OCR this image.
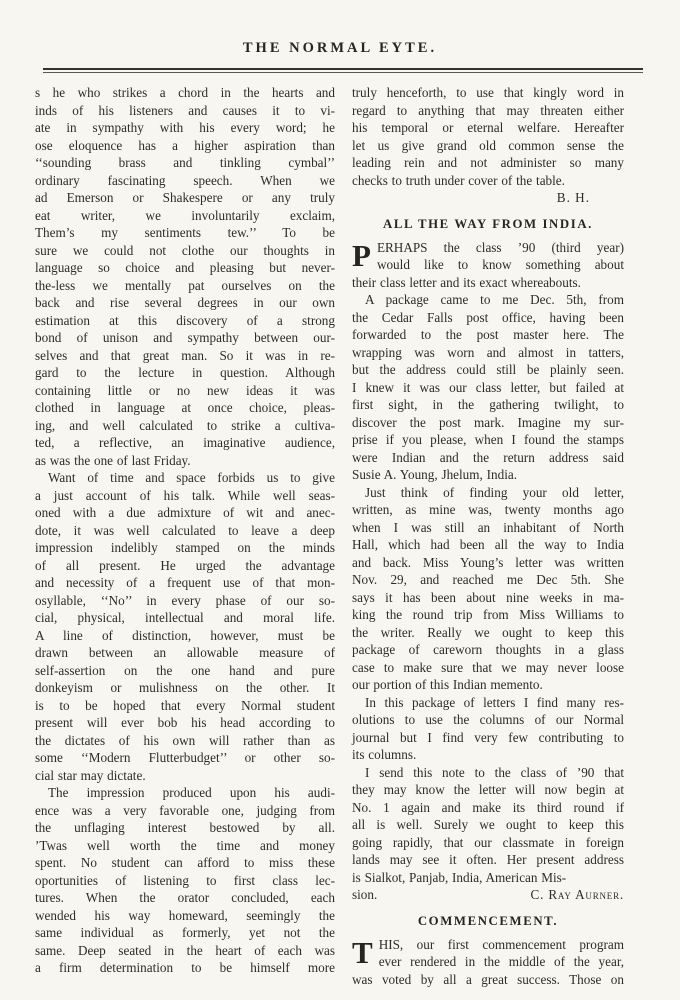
THE NORMAL EYTE.
s he who strikes a chord in the hearts and
inds of his listeners and causes it to vi-
ate in sympathy with his every word; he
ose eloquence has a higher aspiration than
‘‘sounding brass and tinkling cymbal’’
ordinary fascinating speech. When we
ad Emerson or Shakespere or any truly
eat writer, we involuntarily exclaim,
Them’s my sentiments tew.’’ To be
sure we could not clothe our thoughts in
language so choice and pleasing but never-
the-less we mentally pat ourselves on the
back and rise several degrees in our own
estimation at this discovery of a strong
bond of unison and sympathy between our-
selves and that great man. So it was in re-
gard to the lecture in question. Although
containing little or no new ideas it was
clothed in language at once choice, pleas-
ing, and well calculated to strike a cultiva-
ted, a reflective, an imaginative audience,
as was the one of last Friday.
Want of time and space forbids us to give
a just account of his talk. While well seas-
oned with a due admixture of wit and anec-
dote, it was well calculated to leave a deep
impression indelibly stamped on the minds
of all present. He urged the advantage
and necessity of a frequent use of that mon-
osyllable, ‘‘No’’ in every phase of our so-
cial, physical, intellectual and moral life.
A line of distinction, however, must be
drawn between an allowable measure of
self-assertion on the one hand and pure
donkeyism or mulishness on the other. It
is to be hoped that every Normal student
present will ever bob his head according to
the dictates of his own will rather than as
some ‘‘Modern Flutterbudget’’ or other so-
cial star may dictate.
The impression produced upon his audi-
ence was a very favorable one, judging from
the unflaging interest bestowed by all.
’Twas well worth the time and money
spent. No student can afford to miss these
oportunities of listening to first class lec-
tures. When the orator concluded, each
wended his way homeward, seemingly the
same individual as formerly, yet not the
same. Deep seated in the heart of each was
a firm determination to be himself more
truly henceforth, to use that kingly word in
regard to anything that may threaten either
his temporal or eternal welfare. Hereafter
let us give grand old common sense the
leading rein and not administer so many
checks to truth under cover of the table.
B. H.
ALL THE WAY FROM INDIA.
P ERHAPS the class ’90 (third year)
would like to know something about
their class letter and its exact whereabouts.
A package came to me Dec. 5th, from
the Cedar Falls post office, having been
forwarded to the post master here. The
wrapping was worn and almost in tatters,
but the address could still be plainly seen.
I knew it was our class letter, but failed at
first sight, in the gathering twilight, to
discover the post mark. Imagine my sur-
prise if you please, when I found the stamps
were Indian and the return address said
Susie A. Young, Jhelum, India.
Just think of finding your old letter,
written, as mine was, twenty months ago
when I was still an inhabitant of North
Hall, which had been all the way to India
and back. Miss Young’s letter was written
Nov. 29, and reached me Dec 5th. She
says it has been about nine weeks in ma-
king the round trip from Miss Williams to
the writer. Really we ought to keep this
package of careworn thoughts in a glass
case to make sure that we may never loose
our portion of this Indian memento.
In this package of letters I find many res-
olutions to use the columns of our Normal
journal but I find very few contributing to
its columns.
I send this note to the class of ’90 that
they may know the letter will now begin at
No. 1 again and make its third round if
all is well. Surely we ought to keep this
going rapidly, that our classmate in foreign
lands may see it often. Her present address
is Sialkot, Panjab, India, American Mis-
sion.	C. Ray Aurner.
COMMENCEMENT.
T HIS, our first commencement program
ever rendered in the middle of the year,
was voted by all a great success. Those on
